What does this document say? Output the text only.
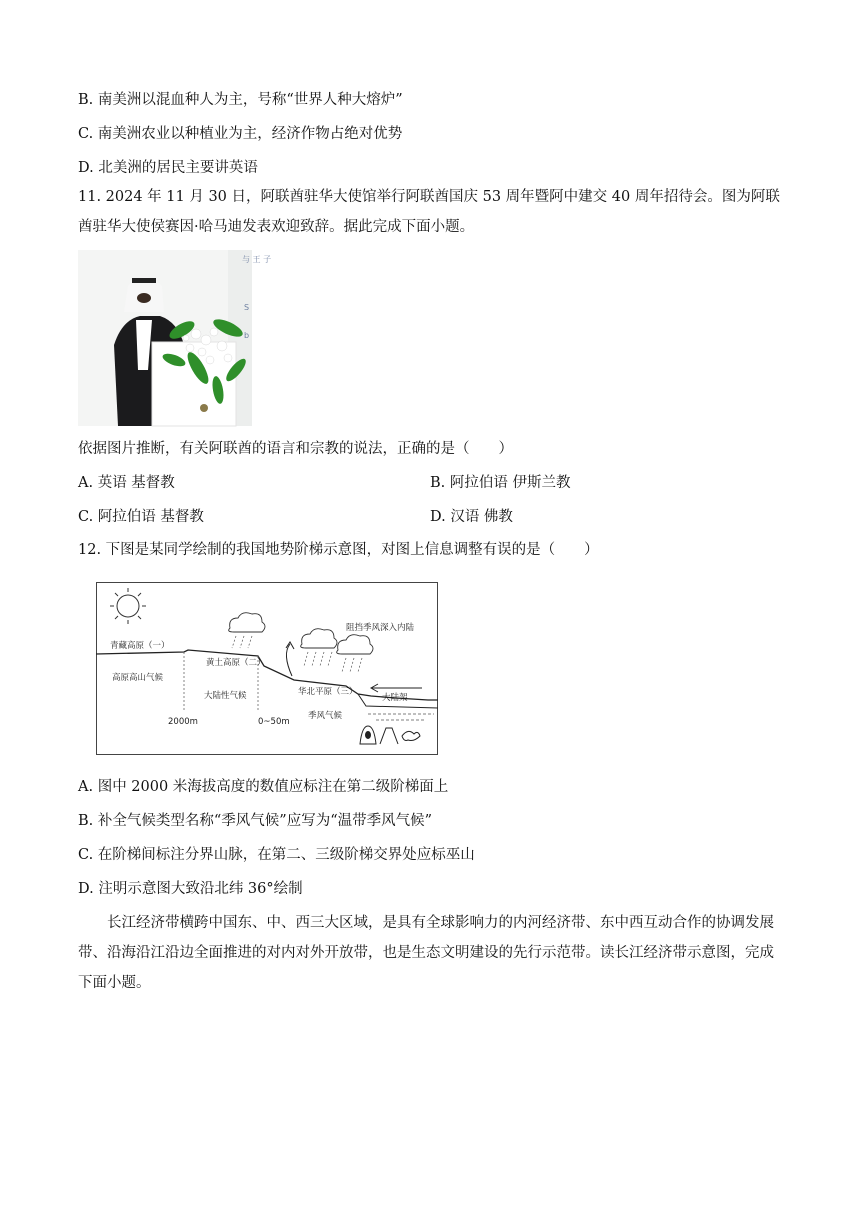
B. 南美洲以混血种人为主，号称“世界人种大熔炉”
C. 南美洲农业以种植业为主，经济作物占绝对优势
D. 北美洲的居民主要讲英语
11. 2024 年 11 月 30 日，阿联酋驻华大使馆举行阿联酋国庆 53 周年暨阿中建交 40 周年招待会。图为阿联酋驻华大使侯赛因·哈马迪发表欢迎致辞。据此完成下面小题。
与 王 子
S
b
依据图片推断，有关阿联酋的语言和宗教的说法，正确的是（　　）
A. 英语 基督教	B. 阿拉伯语 伊斯兰教
C. 阿拉伯语 基督教	D. 汉语 佛教
12. 下图是某同学绘制的我国地势阶梯示意图，对图上信息调整有误的是（　　）
青藏高原（一）
黄土高原（二）
华北平原（三）
高原高山气候
大陆性气候
季风气候
阻挡季风深入内陆
大陆架
2000m	0~50m
A. 图中 2000 米海拔高度的数值应标注在第二级阶梯面上
B. 补全气候类型名称“季风气候”应写为“温带季风气候”
C. 在阶梯间标注分界山脉，在第二、三级阶梯交界处应标巫山
D. 注明示意图大致沿北纬 36°绘制
长江经济带横跨中国东、中、西三大区域，是具有全球影响力的内河经济带、东中西互动合作的协调发展带、沿海沿江沿边全面推进的对内对外开放带，也是生态文明建设的先行示范带。读长江经济带示意图，完成下面小题。
